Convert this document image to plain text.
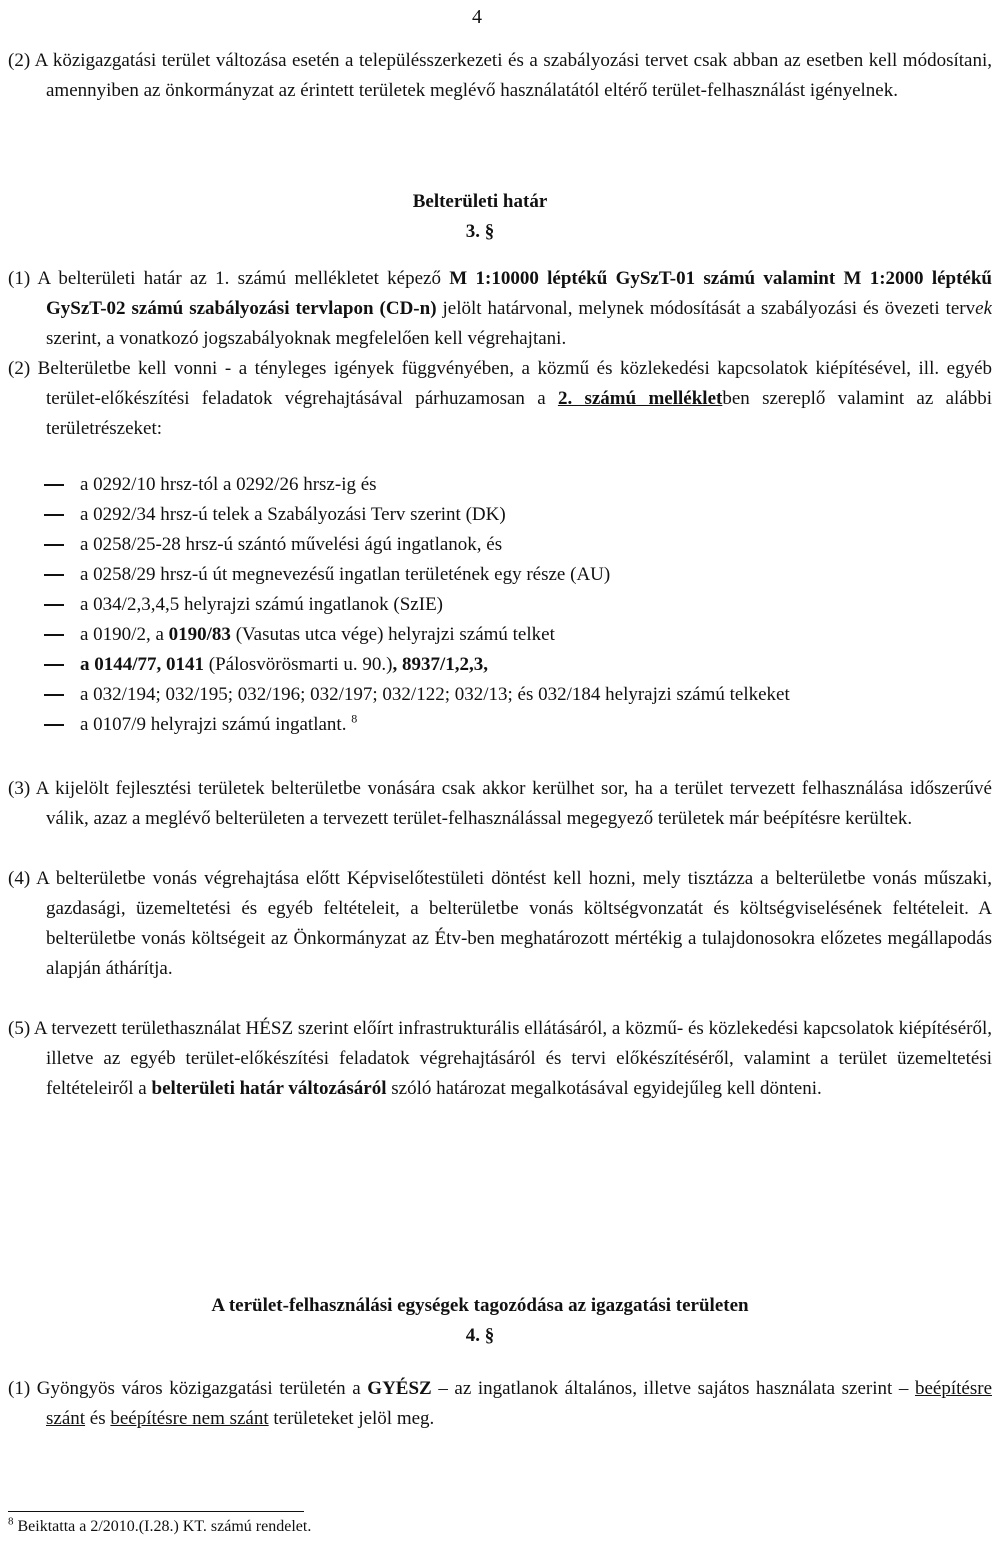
4
(2) A közigazgatási terület változása esetén a településszerkezeti és a szabályozási tervet csak abban az esetben kell módosítani, amennyiben az önkormányzat az érintett területek meglévő használatától eltérő terület-felhasználást igényelnek.
Belterületi határ
3. §
(1) A belterületi határ az 1. számú mellékletet képező M 1:10000 léptékű GySzT-01 számú valamint M 1:2000 léptékű GySzT-02 számú szabályozási tervlapon (CD-n) jelölt határvonal, melynek módosítását a szabályozási és övezeti tervek szerint, a vonatkozó jogszabályoknak megfelelően kell végrehajtani.
(2) Belterületbe kell vonni - a tényleges igények függvényében, a közmű és közlekedési kapcsolatok kiépítésével, ill. egyéb terület-előkészítési feladatok végrehajtásával párhuzamosan a 2. számú mellékletben szereplő valamint az alábbi területrészeket:
a 0292/10 hrsz-tól a 0292/26 hrsz-ig és
a 0292/34 hrsz-ú telek a Szabályozási Terv szerint (DK)
a 0258/25-28 hrsz-ú szántó művelési ágú ingatlanok, és
a 0258/29 hrsz-ú út megnevezésű ingatlan területének egy része (AU)
a 034/2,3,4,5 helyrajzi számú ingatlanok (SzIE)
a 0190/2, a 0190/83 (Vasutas utca vége) helyrajzi számú telket
a 0144/77, 0141 (Pálosvörösmarti u. 90.), 8937/1,2,3,
a 032/194; 032/195; 032/196; 032/197; 032/122; 032/13; és 032/184 helyrajzi számú telkeket
a 0107/9 helyrajzi számú ingatlant. $^8$
(3) A kijelölt fejlesztési területek belterületbe vonására csak akkor kerülhet sor, ha a terület tervezett felhasználása időszerűvé válik, azaz a meglévő belterületen a tervezett terület-felhasználással megegyező területek már beépítésre kerültek.
(4) A belterületbe vonás végrehajtása előtt Képviselőtestületi döntést kell hozni, mely tisztázza a belterületbe vonás műszaki, gazdasági, üzemeltetési és egyéb feltételeit, a belterületbe vonás költségvonzatát és költségviselésének feltételeit. A belterületbe vonás költségeit az Önkormányzat az Étv-ben meghatározott mértékig a tulajdonosokra előzetes megállapodás alapján áthárítja.
(5) A tervezett területhasználat HÉSZ szerint előírt infrastrukturális ellátásáról, a közmű- és közlekedési kapcsolatok kiépítéséről, illetve az egyéb terület-előkészítési feladatok végrehajtásáról és tervi előkészítéséről, valamint a terület üzemeltetési feltételeiről a belterületi határ változásáról szóló határozat megalkotásával egyidejűleg kell dönteni.
A terület-felhasználási egységek tagozódása az igazgatási területen
4. §
(1) Gyöngyös város közigazgatási területén a GYÉSZ – az ingatlanok általános, illetve sajátos használata szerint – beépítésre szánt és beépítésre nem szánt területeket jelöl meg.
$^8$ Beiktatta a 2/2010.(I.28.) KT. számú rendelet.
